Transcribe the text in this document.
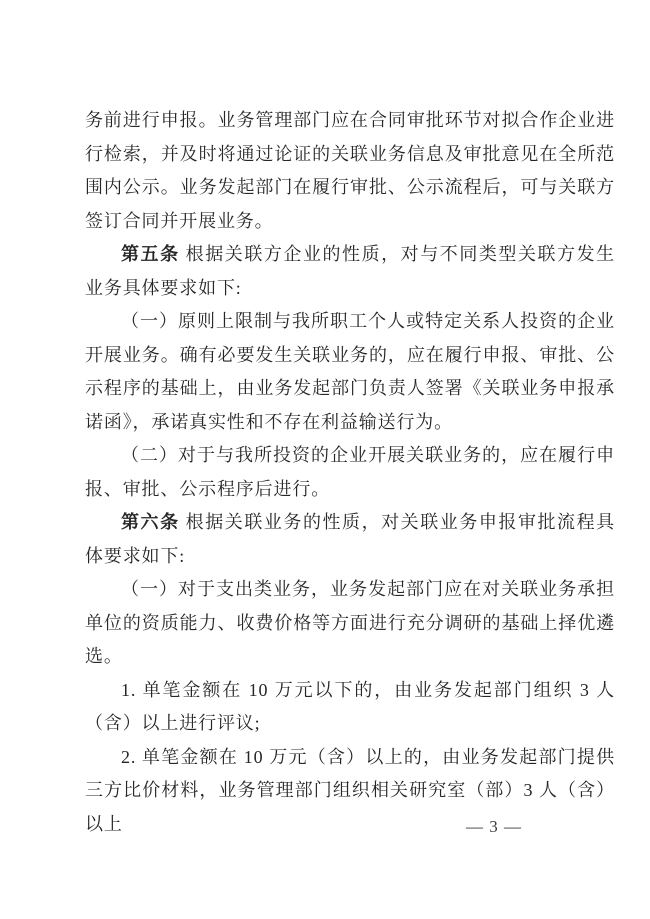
务前进行申报。业务管理部门应在合同审批环节对拟合作企业进行检索，并及时将通过论证的关联业务信息及审批意见在全所范围内公示。业务发起部门在履行审批、公示流程后，可与关联方签订合同并开展业务。

第五条 根据关联方企业的性质，对与不同类型关联方发生业务具体要求如下:

（一）原则上限制与我所职工个人或特定关系人投资的企业开展业务。确有必要发生关联业务的，应在履行申报、审批、公示程序的基础上，由业务发起部门负责人签署《关联业务申报承诺函》，承诺真实性和不存在利益输送行为。

（二）对于与我所投资的企业开展关联业务的，应在履行申报、审批、公示程序后进行。

第六条 根据关联业务的性质，对关联业务申报审批流程具体要求如下:

（一）对于支出类业务，业务发起部门应在对关联业务承担单位的资质能力、收费价格等方面进行充分调研的基础上择优遴选。

1. 单笔金额在 10 万元以下的，由业务发起部门组织 3 人（含）以上进行评议;

2. 单笔金额在 10 万元（含）以上的，由业务发起部门提供三方比价材料，业务管理部门组织相关研究室（部）3 人（含）以上	— 3 —
